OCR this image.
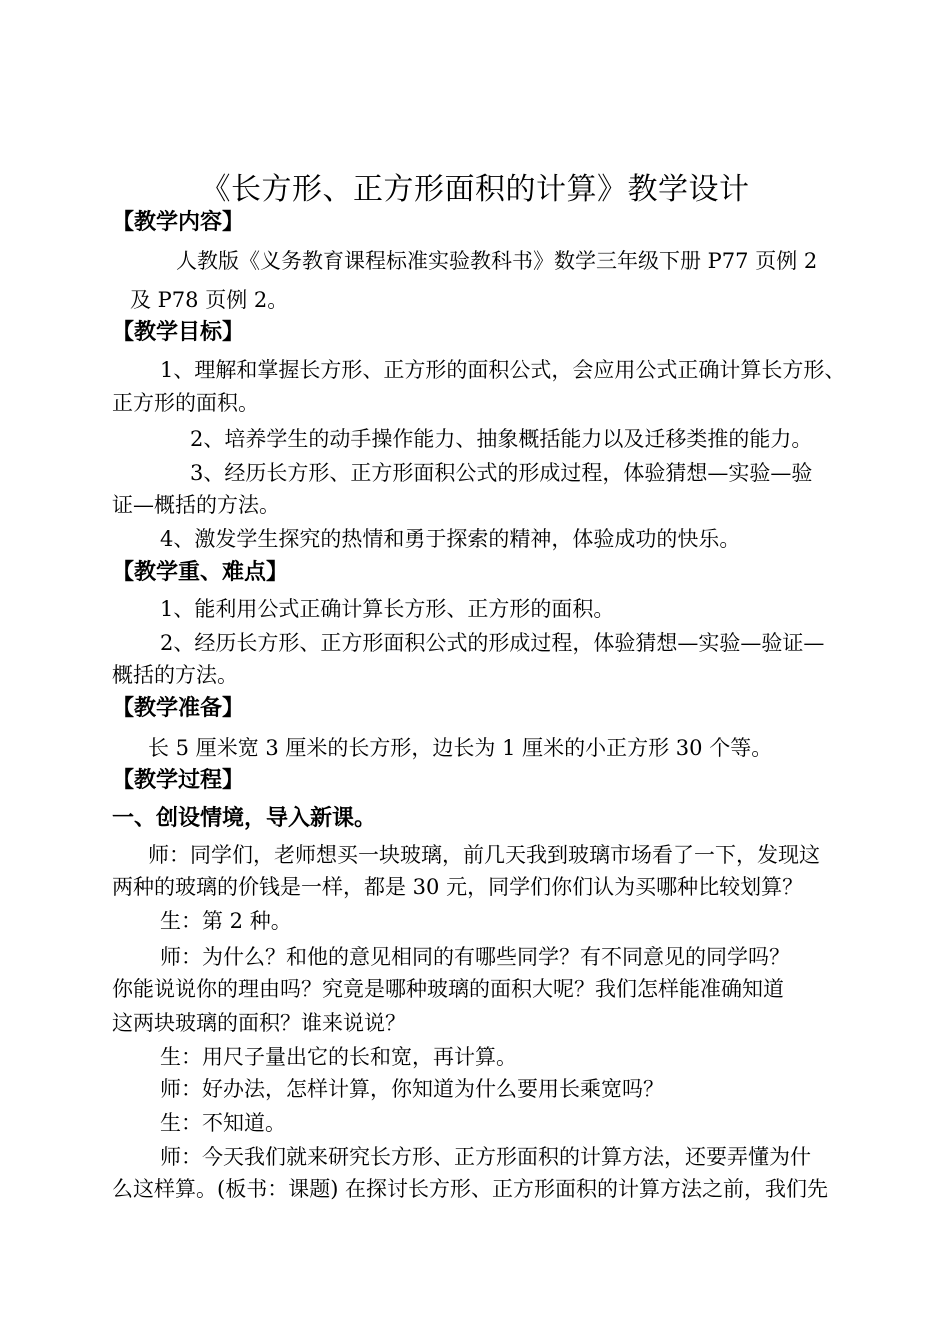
《长方形、正方形面积的计算》教学设计
【教学内容】
人教版《义务教育课程标准实验教科书》数学三年级下册 P77 页例 2
及 P78 页例 2。
【教学目标】
1、理解和掌握长方形、正方形的面积公式，会应用公式正确计算长方形、
正方形的面积。
2、培养学生的动手操作能力、抽象概括能力以及迁移类推的能力。
3、经历长方形、正方形面积公式的形成过程，体验猜想—实验—验
证—概括的方法。
4、激发学生探究的热情和勇于探索的精神，体验成功的快乐。
【教学重、难点】
1、能利用公式正确计算长方形、正方形的面积。
2、经历长方形、正方形面积公式的形成过程，体验猜想—实验—验证—
概括的方法。
【教学准备】
长 5 厘米宽 3 厘米的长方形，边长为 1 厘米的小正方形 30 个等。
【教学过程】
一、创设情境，导入新课。
师：同学们，老师想买一块玻璃，前几天我到玻璃市场看了一下，发现这
两种的玻璃的价钱是一样，都是 30 元，同学们你们认为买哪种比较划算？
生：第 2 种。
师：为什么？和他的意见相同的有哪些同学？有不同意见的同学吗？
你能说说你的理由吗？究竟是哪种玻璃的面积大呢？我们怎样能准确知道
这两块玻璃的面积？谁来说说？
生：用尺子量出它的长和宽，再计算。
师：好办法，怎样计算，你知道为什么要用长乘宽吗？
生：不知道。
师：今天我们就来研究长方形、正方形面积的计算方法，还要弄懂为什
么这样算。(板书：课题) 在探讨长方形、正方形面积的计算方法之前，我们先
